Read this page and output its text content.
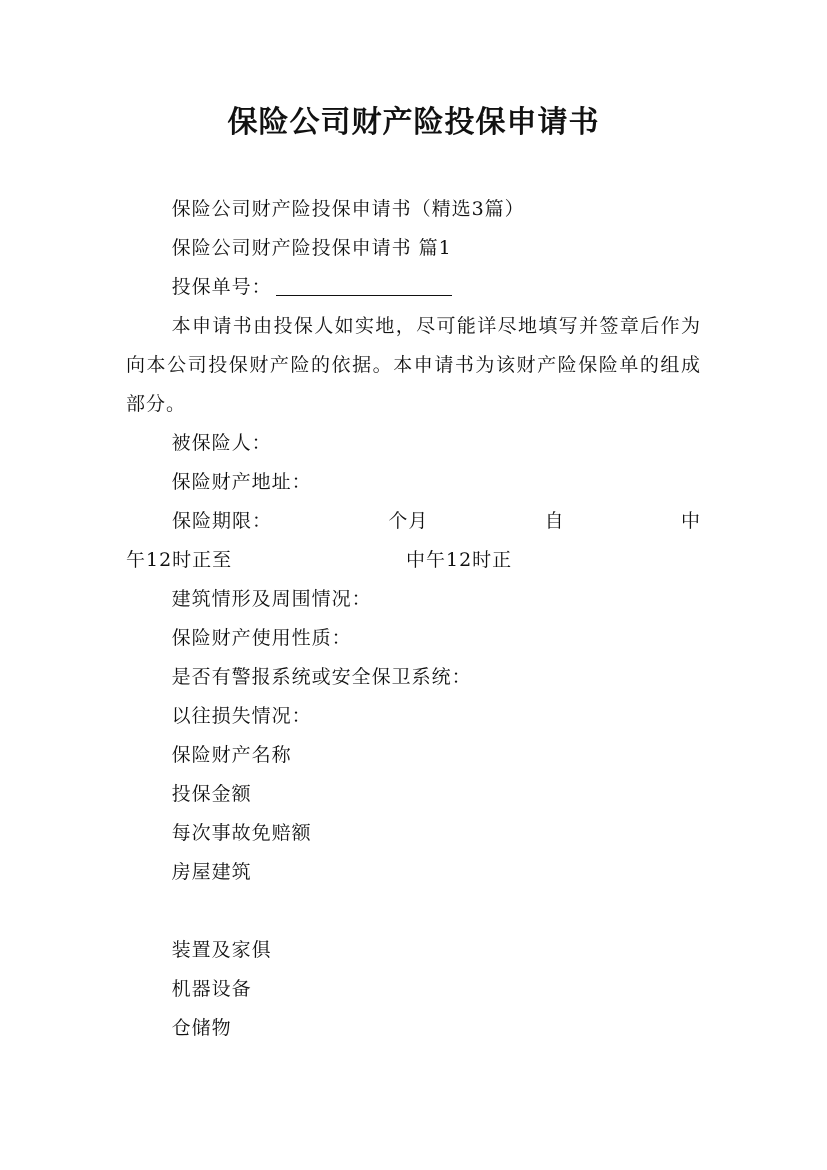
保险公司财产险投保申请书

保险公司财产险投保申请书（精选3篇）

保险公司财产险投保申请书 篇1

投保单号：

本申请书由投保人如实地，尽可能详尽地填写并签章后作为向本公司投保财产险的依据。本申请书为该财产险保险单的组成部分。

被保险人：

保险财产地址：

保险期限：	个月	自	中
午12时正至	中午12时正

建筑情形及周围情况：

保险财产使用性质：

是否有警报系统或安全保卫系统：

以往损失情况：

保险财产名称

投保金额

每次事故免赔额

房屋建筑

装置及家俱

机器设备

仓储物
